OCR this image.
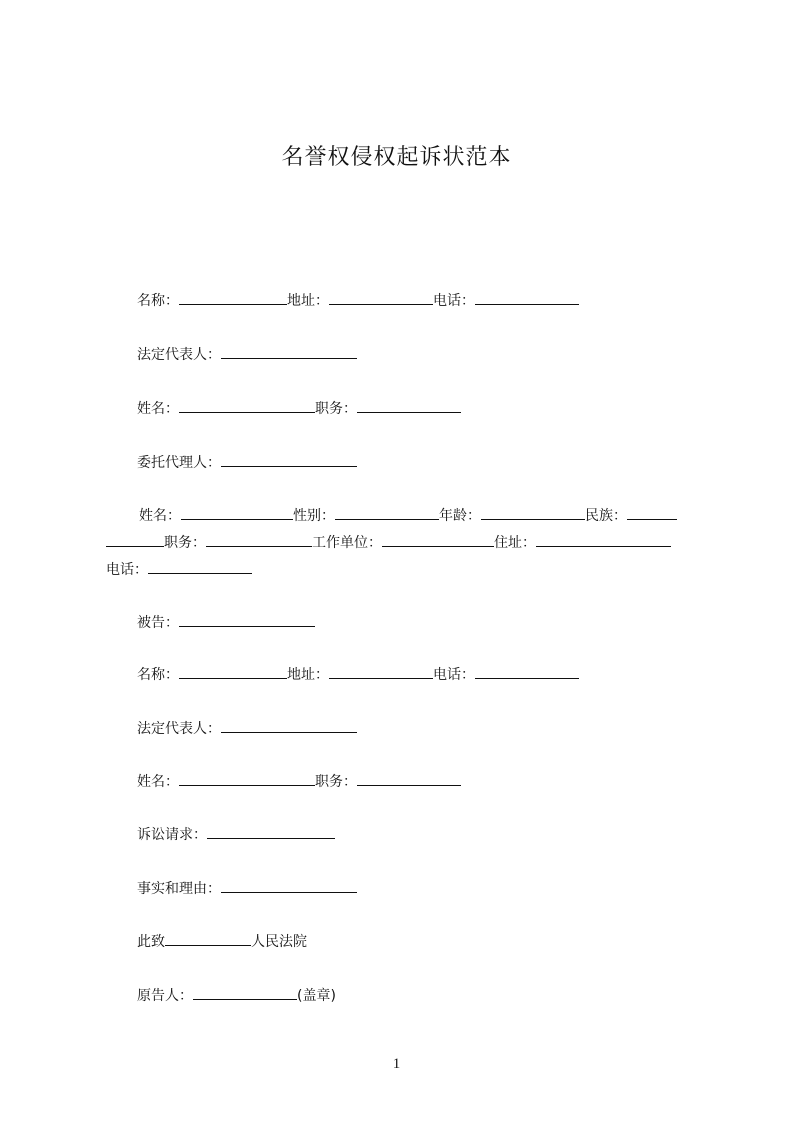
名誉权侵权起诉状范本
名称：	地址：	电话：
法定代表人：
姓名：	职务：
委托代理人：
姓名：	性别：	年龄：	民族：
职务：	工作单位：	住址：
电话：
被告：
名称：	地址：	电话：
法定代表人：
姓名：	职务：
诉讼请求：
事实和理由：
此致	人民法院
原告人：	(盖章)
1
